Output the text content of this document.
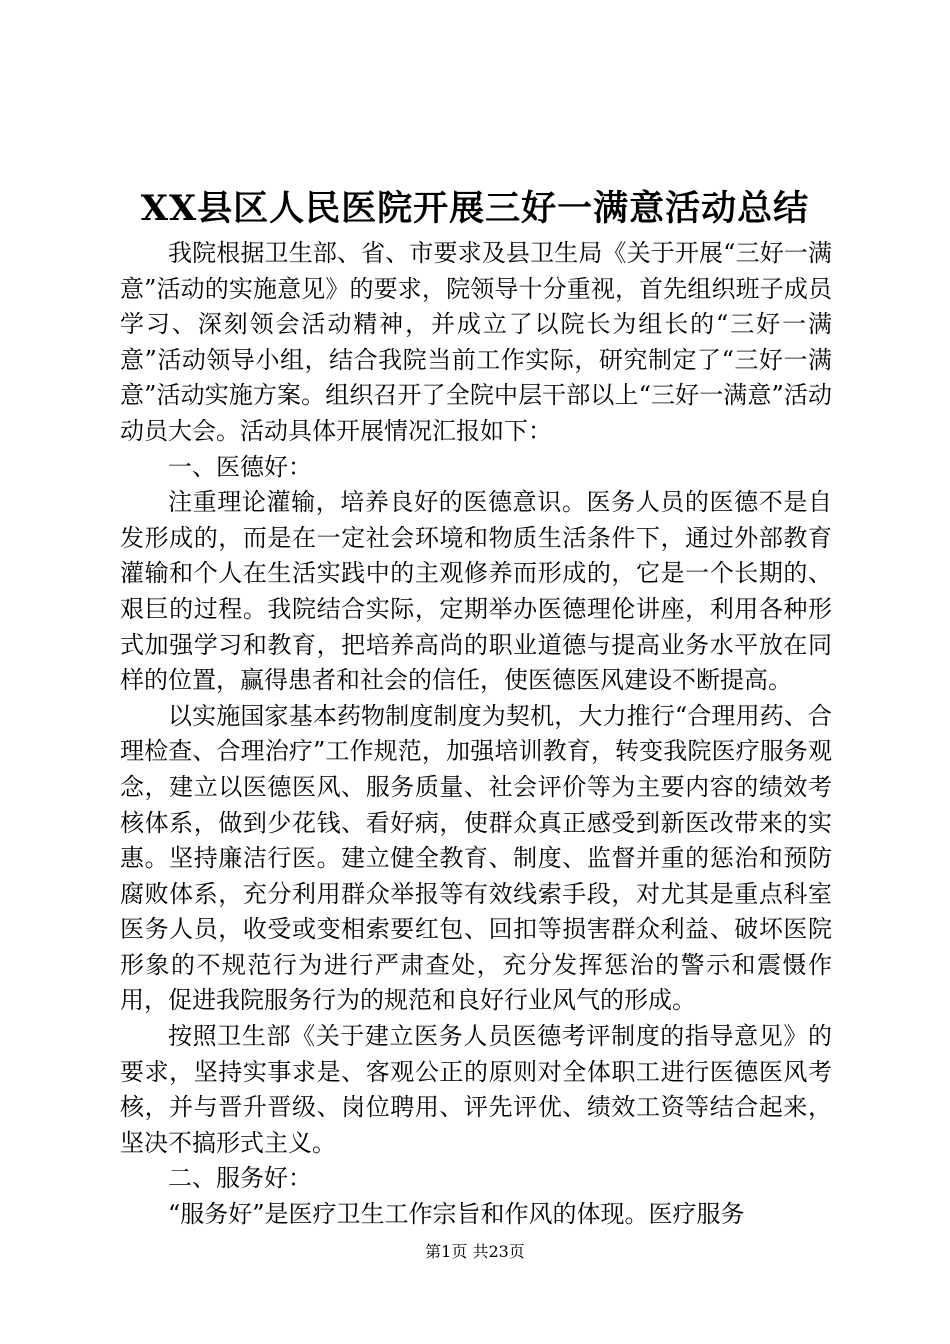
XX县区人民医院开展三好一满意活动总结

我院根据卫生部、省、市要求及县卫生局《关于开展“三好一满意”活动的实施意见》的要求，院领导十分重视，首先组织班子成员学习、深刻领会活动精神，并成立了以院长为组长的“三好一满意”活动领导小组，结合我院当前工作实际，研究制定了“三好一满意”活动实施方案。组织召开了全院中层干部以上“三好一满意”活动动员大会。活动具体开展情况汇报如下：

一、医德好：

注重理论灌输，培养良好的医德意识。医务人员的医德不是自发形成的，而是在一定社会环境和物质生活条件下，通过外部教育灌输和个人在生活实践中的主观修养而形成的，它是一个长期的、艰巨的过程。我院结合实际，定期举办医德理伦讲座，利用各种形式加强学习和教育，把培养高尚的职业道德与提高业务水平放在同样的位置，赢得患者和社会的信任，使医德医风建设不断提高。

以实施国家基本药物制度制度为契机，大力推行“合理用药、合理检查、合理治疗”工作规范，加强培训教育，转变我院医疗服务观念，建立以医德医风、服务质量、社会评价等为主要内容的绩效考核体系，做到少花钱、看好病，使群众真正感受到新医改带来的实惠。坚持廉洁行医。建立健全教育、制度、监督并重的惩治和预防腐败体系，充分利用群众举报等有效线索手段，对尤其是重点科室医务人员，收受或变相索要红包、回扣等损害群众利益、破坏医院形象的不规范行为进行严肃查处，充分发挥惩治的警示和震慑作用，促进我院服务行为的规范和良好行业风气的形成。

按照卫生部《关于建立医务人员医德考评制度的指导意见》的要求，坚持实事求是、客观公正的原则对全体职工进行医德医风考核，并与晋升晋级、岗位聘用、评先评优、绩效工资等结合起来，坚决不搞形式主义。

二、服务好：

“服务好”是医疗卫生工作宗旨和作风的体现。医疗服务

第1页 共23页
